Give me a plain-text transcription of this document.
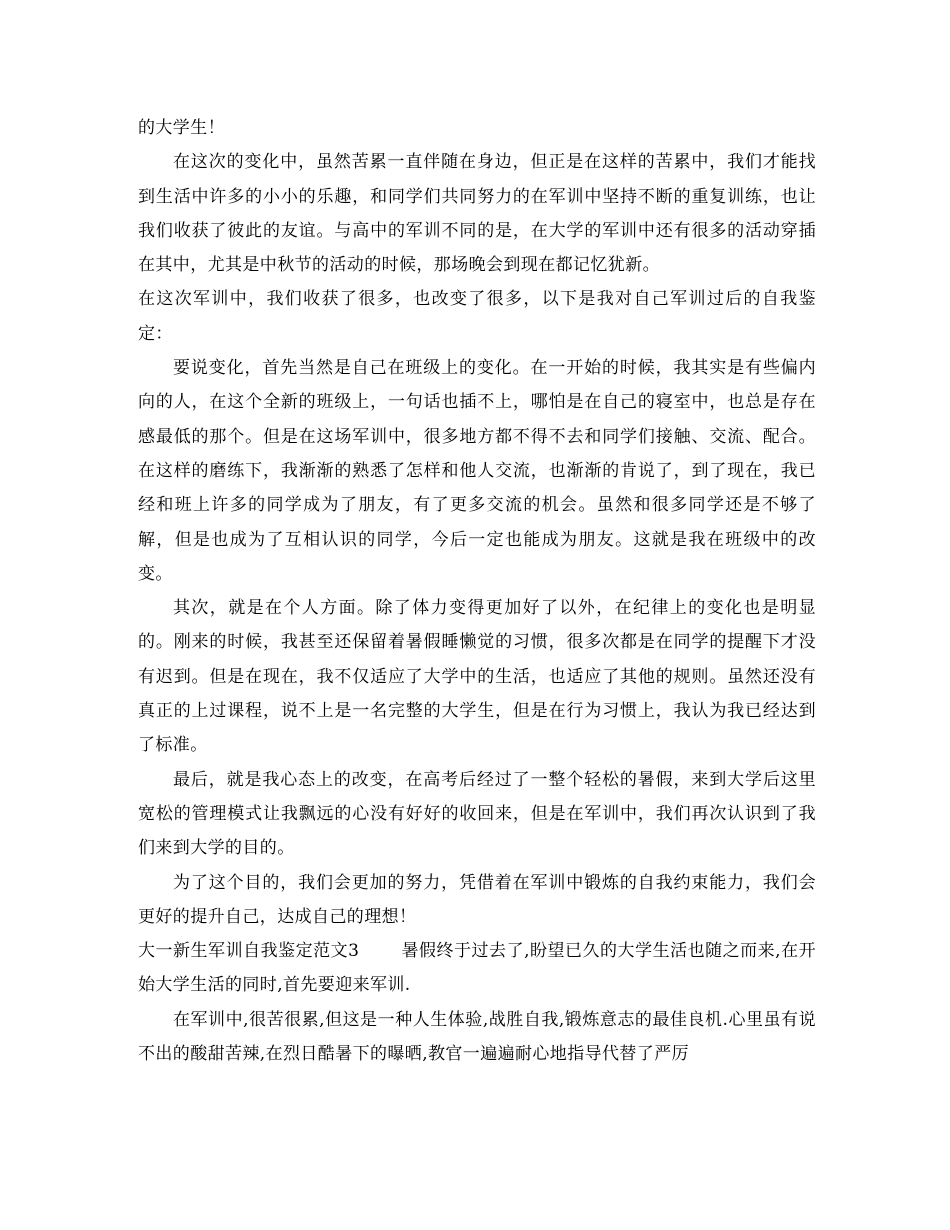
的大学生！

在这次的变化中，虽然苦累一直伴随在身边，但正是在这样的苦累中，我们才能找到生活中许多的小小的乐趣，和同学们共同努力的在军训中坚持不断的重复训练，也让我们收获了彼此的友谊。与高中的军训不同的是，在大学的军训中还有很多的活动穿插在其中，尤其是中秋节的活动的时候，那场晚会到现在都记忆犹新。

在这次军训中，我们收获了很多，也改变了很多，以下是我对自己军训过后的自我鉴定：

要说变化，首先当然是自己在班级上的变化。在一开始的时候，我其实是有些偏内向的人，在这个全新的班级上，一句话也插不上，哪怕是在自己的寝室中，也总是存在感最低的那个。但是在这场军训中，很多地方都不得不去和同学们接触、交流、配合。在这样的磨练下，我渐渐的熟悉了怎样和他人交流，也渐渐的肯说了，到了现在，我已经和班上许多的同学成为了朋友，有了更多交流的机会。虽然和很多同学还是不够了解，但是也成为了互相认识的同学，今后一定也能成为朋友。这就是我在班级中的改变。

其次，就是在个人方面。除了体力变得更加好了以外，在纪律上的变化也是明显的。刚来的时候，我甚至还保留着暑假睡懒觉的习惯，很多次都是在同学的提醒下才没有迟到。但是在现在，我不仅适应了大学中的生活，也适应了其他的规则。虽然还没有真正的上过课程，说不上是一名完整的大学生，但是在行为习惯上，我认为我已经达到了标准。

最后，就是我心态上的改变，在高考后经过了一整个轻松的暑假，来到大学后这里宽松的管理模式让我飘远的心没有好好的收回来，但是在军训中，我们再次认识到了我们来到大学的目的。

为了这个目的，我们会更加的努力，凭借着在军训中锻炼的自我约束能力，我们会更好的提升自己，达成自己的理想！

大一新生军训自我鉴定范文3 暑假终于过去了,盼望已久的大学生活也随之而来,在开始大学生活的同时,首先要迎来军训.

在军训中,很苦很累,但这是一种人生体验,战胜自我,锻炼意志的最佳良机.心里虽有说不出的酸甜苦辣,在烈日酷暑下的曝晒,教官一遍遍耐心地指导代替了严厉
